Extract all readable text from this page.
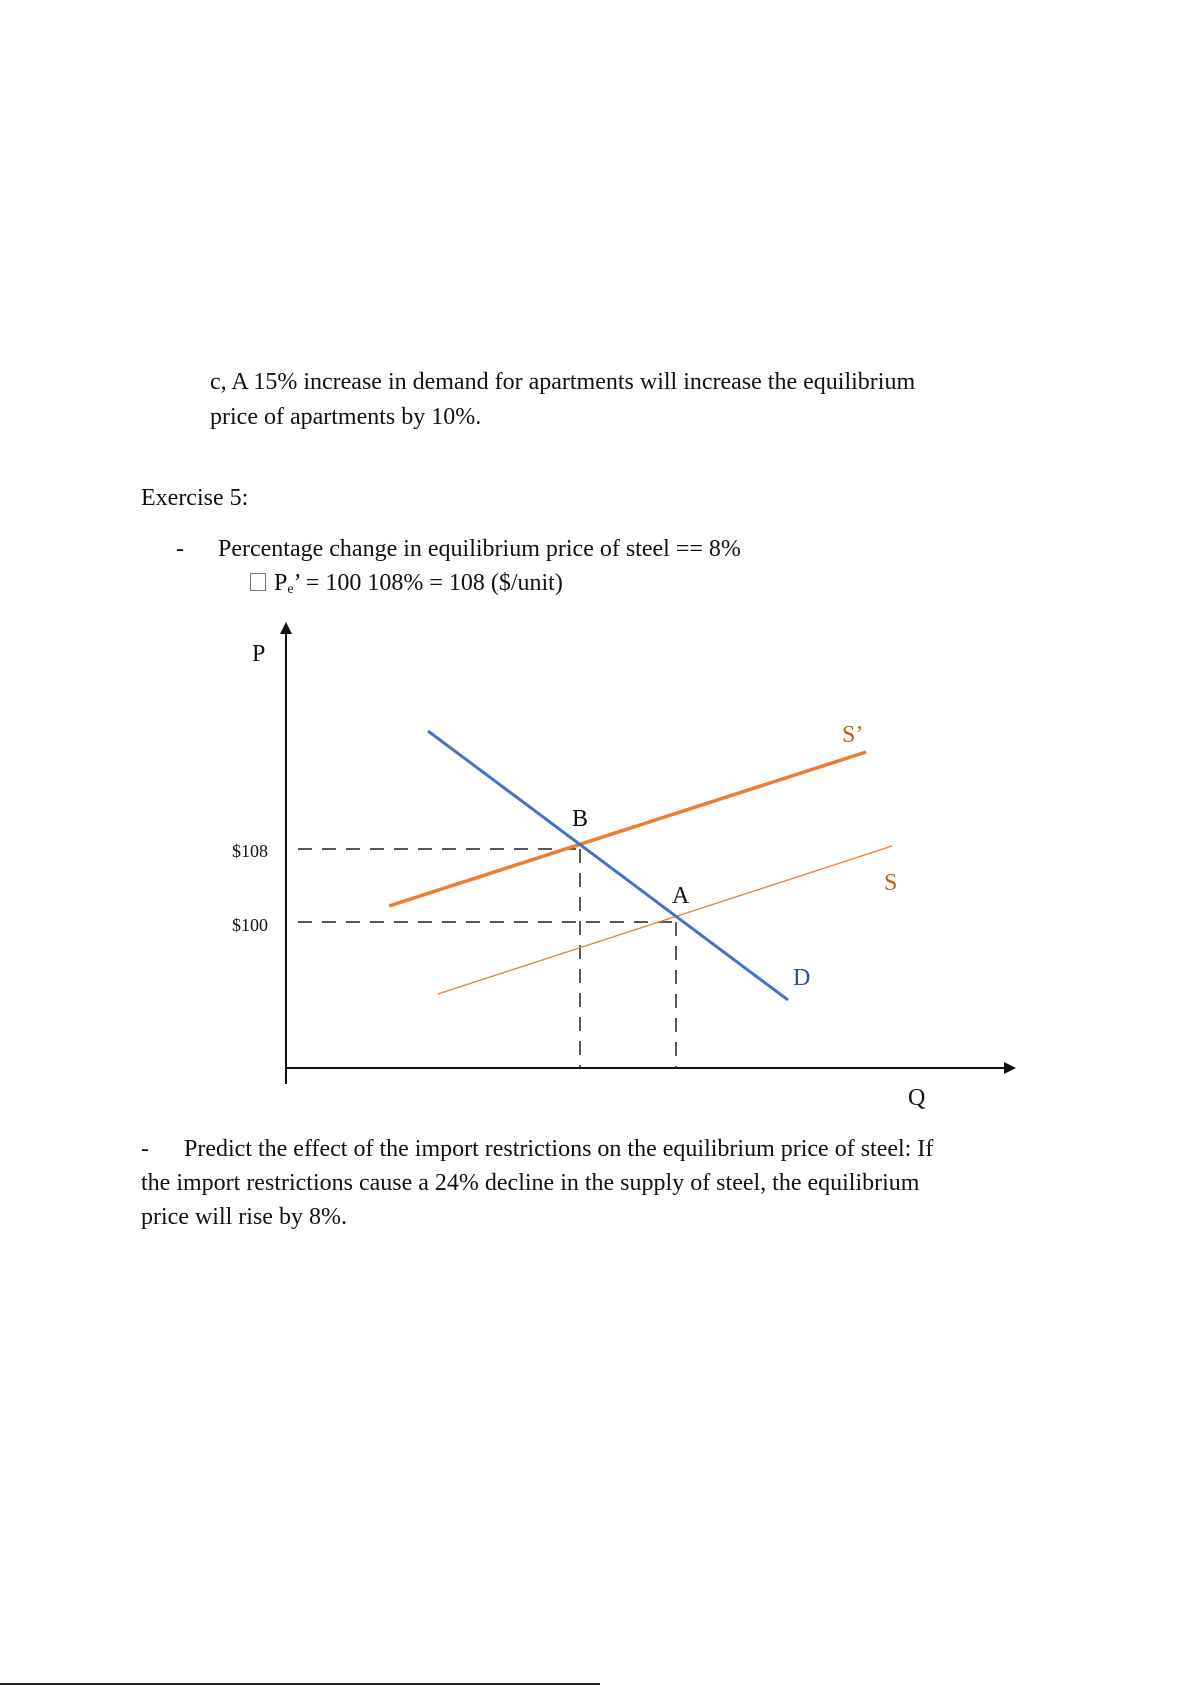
c, A 15% increase in demand for apartments will increase the equilibrium

price of apartments by 10%.

Exercise 5:

- Percentage change in equilibrium price of steel == 8%

$P_e$’ = 100 108% = 108 ($/unit)

P
Q
$108
$100
S’
S
D
B
A
- Predict the effect of the import restrictions on the equilibrium price of steel: If

the import restrictions cause a 24% decline in the supply of steel, the equilibrium

price will rise by 8%.
